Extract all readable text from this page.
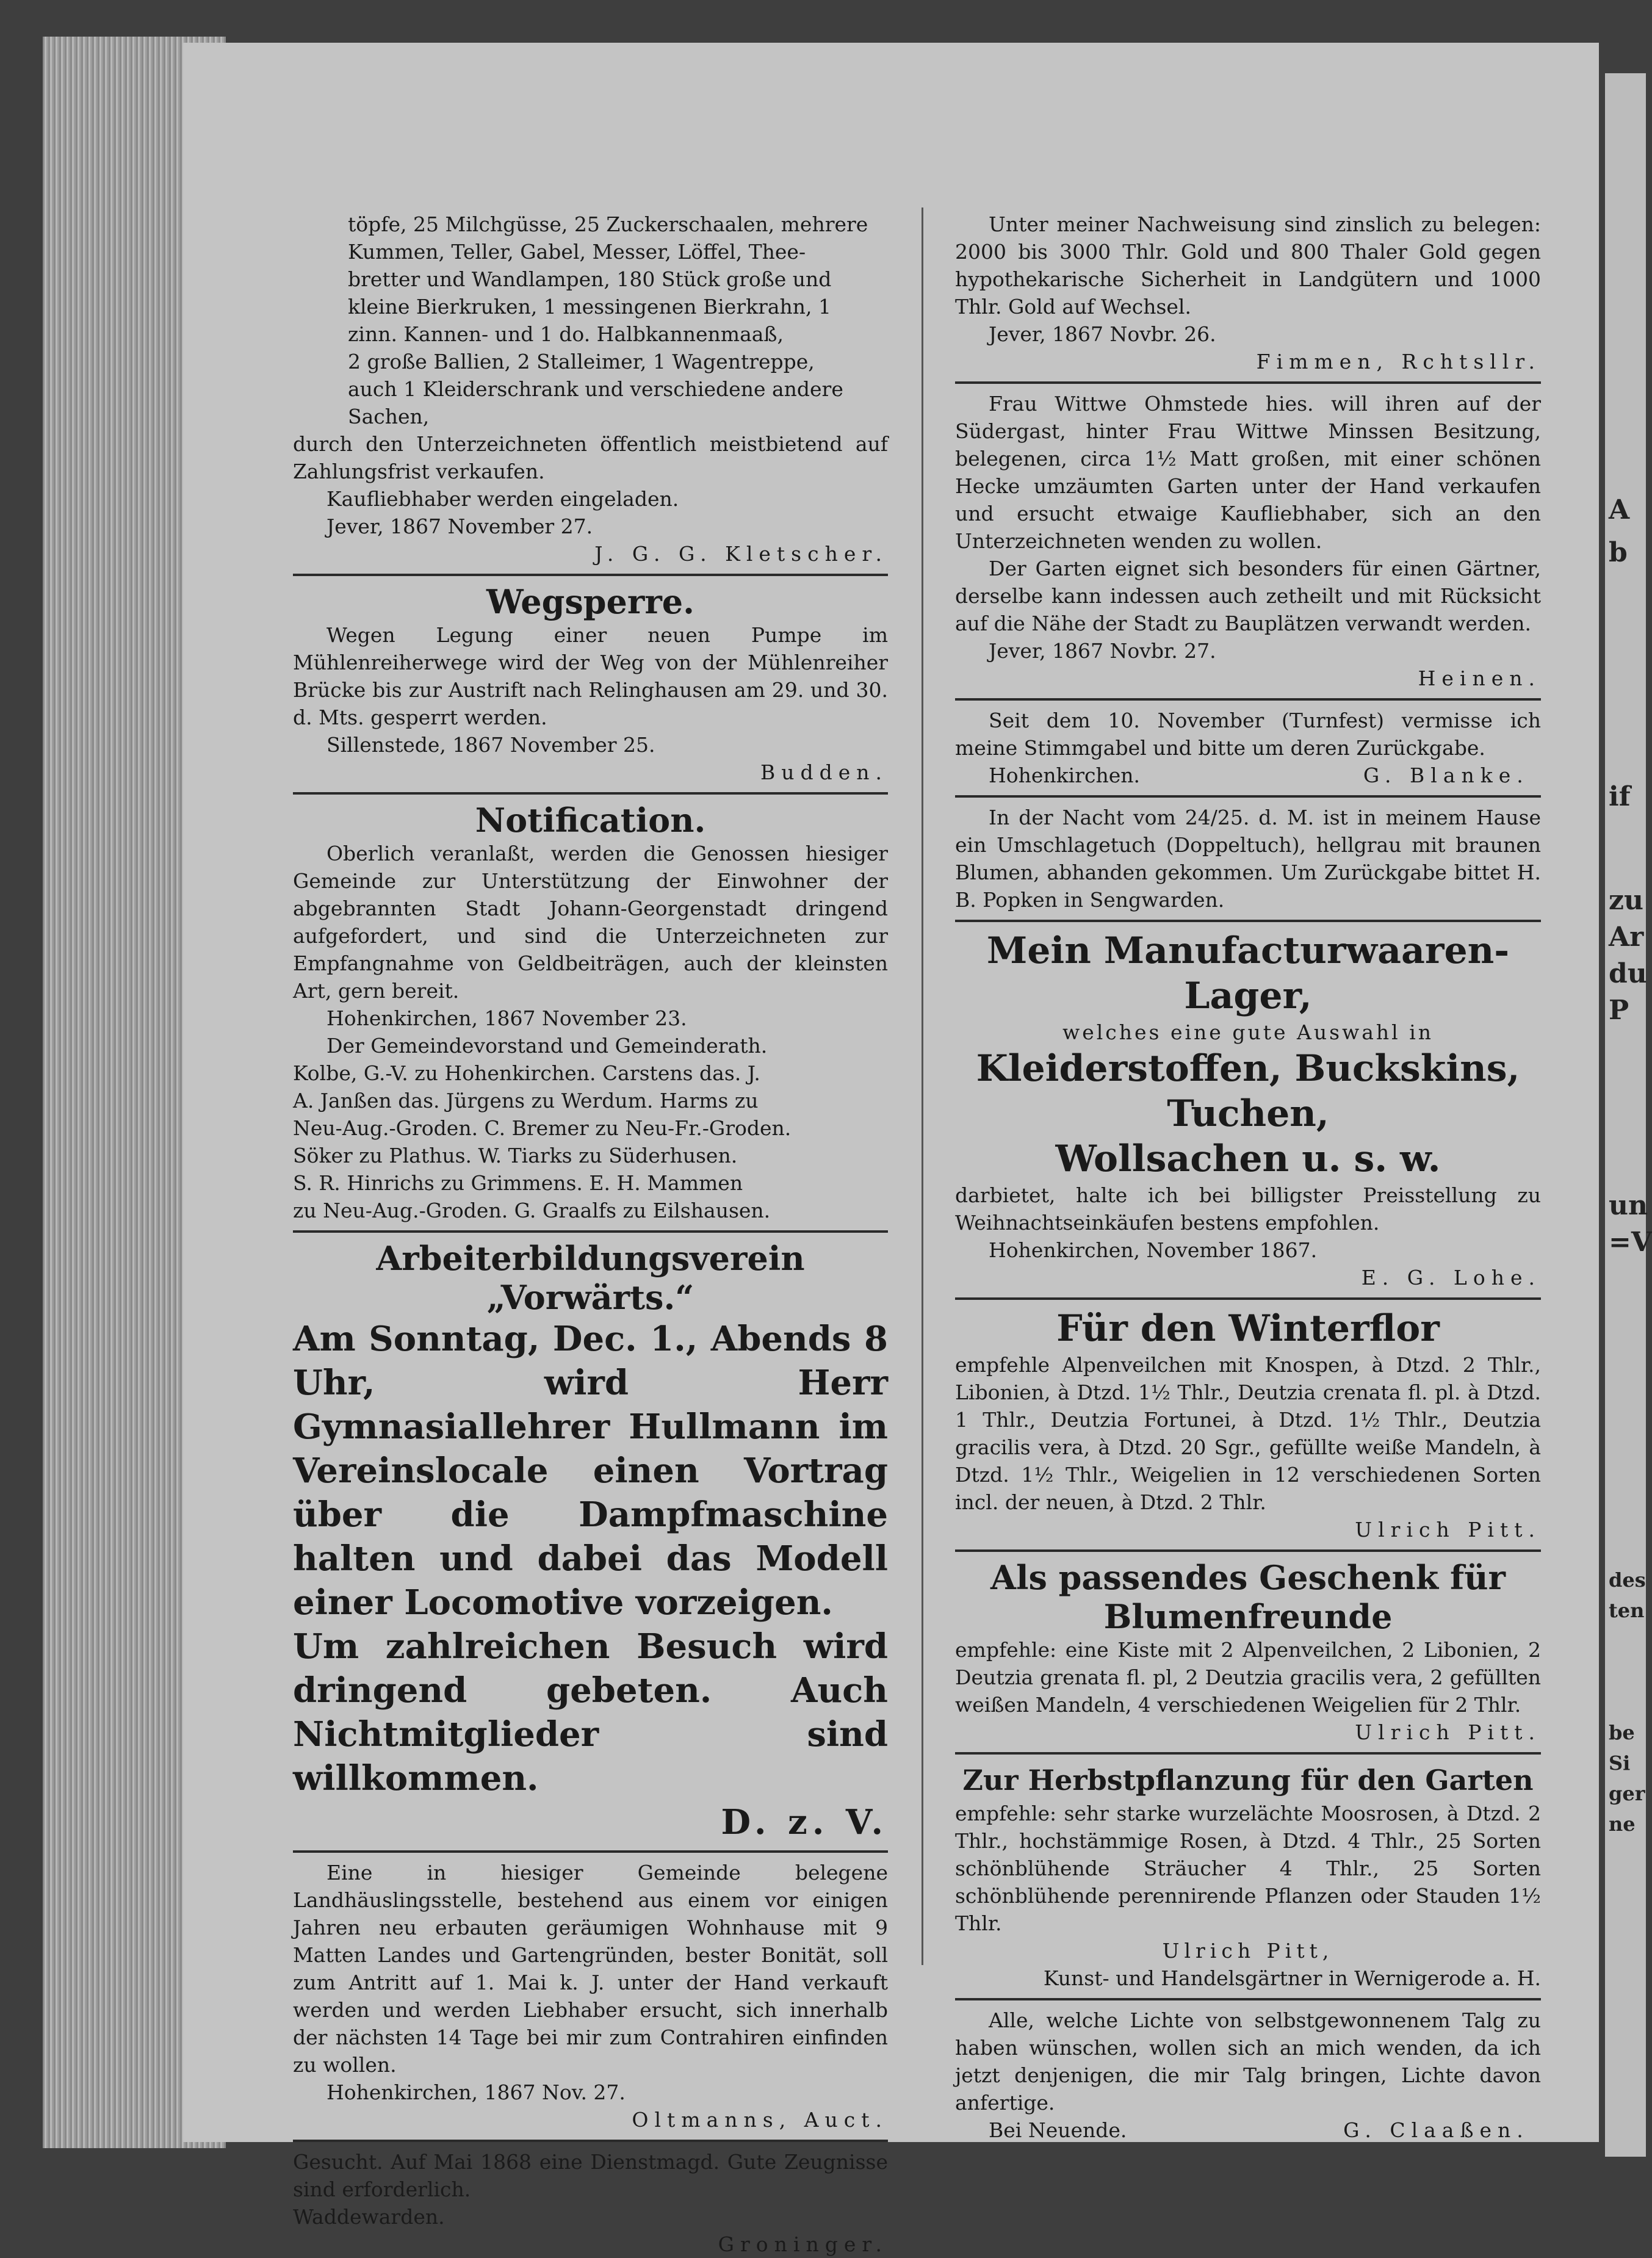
A
b
if
zu
Ar
du
P
un
=V
des
ten
be
Si
ger
ne

töpfe, 25 Milchgüsse, 25 Zuckerschaalen, mehrere

Kummen, Teller, Gabel, Messer, Löffel, Thee-

bretter und Wandlampen, 180 Stück große und

kleine Bierkruken, 1 messingenen Bierkrahn, 1

zinn. Kannen- und 1 do. Halbkannenmaaß,

2 große Ballien, 2 Stalleimer, 1 Wagentreppe,

auch 1 Kleiderschrank und verschiedene andere

Sachen,

durch den Unterzeichneten öffentlich meistbietend auf Zahlungsfrist verkaufen.

Kaufliebhaber werden eingeladen.

Jever, 1867 November 27.

J. G. G. Kletscher.

Wegsperre.

Wegen Legung einer neuen Pumpe im Mühlenreiherwege wird der Weg von der Mühlenreiher Brücke bis zur Austrift nach Relinghausen am 29. und 30. d. Mts. gesperrt werden.

Sillenstede, 1867 November 25.

Budden.

Notification.

Oberlich veranlaßt, werden die Genossen hiesiger Gemeinde zur Unterstützung der Einwohner der abgebrannten Stadt Johann-Georgenstadt dringend aufgefordert, und sind die Unterzeichneten zur Empfangnahme von Geldbeiträgen, auch der kleinsten Art, gern bereit.

Hohenkirchen, 1867 November 23.

Der Gemeindevorstand und Gemeinderath.

Kolbe, G.-V. zu Hohenkirchen. Carstens das. J.

A. Janßen das. Jürgens zu Werdum. Harms zu

Neu-Aug.-Groden. C. Bremer zu Neu-Fr.-Groden.

Söker zu Plathus. W. Tiarks zu Süderhusen.

S. R. Hinrichs zu Grimmens. E. H. Mammen

zu Neu-Aug.-Groden. G. Graalfs zu Eilshausen.

Arbeiterbildungsverein
„Vorwärts.“

Am Sonntag, Dec. 1., Abends 8 Uhr, wird Herr Gymnasiallehrer Hullmann im Vereinslocale einen Vortrag über die Dampfmaschine halten und dabei das Modell einer Locomotive vorzeigen.

Um zahlreichen Besuch wird dringend gebeten. Auch Nichtmitglieder sind willkommen.

D. z. V.

Eine in hiesiger Gemeinde belegene Landhäuslingsstelle, bestehend aus einem vor einigen Jahren neu erbauten geräumigen Wohnhause mit 9 Matten Landes und Gartengründen, bester Bonität, soll zum Antritt auf 1. Mai k. J. unter der Hand verkauft werden und werden Liebhaber ersucht, sich innerhalb der nächsten 14 Tage bei mir zum Contrahiren einfinden zu wollen.

Hohenkirchen, 1867 Nov. 27.

Oltmanns, Auct.

Gesucht. Auf Mai 1868 eine Dienstmagd. Gute Zeugnisse sind erforderlich.

Waddewarden.

Groninger.

Unter meiner Nachweisung sind zinslich zu belegen: 2000 bis 3000 Thlr. Gold und 800 Thaler Gold gegen hypothekarische Sicherheit in Landgütern und 1000 Thlr. Gold auf Wechsel.

Jever, 1867 Novbr. 26.

Fimmen, Rchtsllr.

Frau Wittwe Ohmstede hies. will ihren auf der Südergast, hinter Frau Wittwe Minssen Besitzung, belegenen, circa 1½ Matt großen, mit einer schönen Hecke umzäumten Garten unter der Hand verkaufen und ersucht etwaige Kaufliebhaber, sich an den Unterzeichneten wenden zu wollen.

Der Garten eignet sich besonders für einen Gärtner, derselbe kann indessen auch zetheilt und mit Rücksicht auf die Nähe der Stadt zu Bauplätzen verwandt werden.

Jever, 1867 Novbr. 27.

Heinen.

Seit dem 10. November (Turnfest) vermisse ich meine Stimmgabel und bitte um deren Zurückgabe.

Hohenkirchen.	G. Blanke.

In der Nacht vom 24/25. d. M. ist in meinem Hause ein Umschlagetuch (Doppeltuch), hellgrau mit braunen Blumen, abhanden gekommen. Um Zurückgabe bittet H. B. Popken in Sengwarden.

Mein Manufacturwaaren-Lager,

welches eine gute Auswahl in

Kleiderstoffen, Buckskins, Tuchen,
Wollsachen u. s. w.

darbietet, halte ich bei billigster Preisstellung zu Weihnachtseinkäufen bestens empfohlen.

Hohenkirchen, November 1867.

E. G. Lohe.

Für den Winterflor

empfehle Alpenveilchen mit Knospen, à Dtzd. 2 Thlr., Libonien, à Dtzd. 1½ Thlr., Deutzia crenata fl. pl. à Dtzd. 1 Thlr., Deutzia Fortunei, à Dtzd. 1½ Thlr., Deutzia gracilis vera, à Dtzd. 20 Sgr., gefüllte weiße Mandeln, à Dtzd. 1½ Thlr., Weigelien in 12 verschiedenen Sorten incl. der neuen, à Dtzd. 2 Thlr.

Ulrich Pitt.

Als passendes Geschenk für
Blumenfreunde

empfehle: eine Kiste mit 2 Alpenveilchen, 2 Libonien, 2 Deutzia grenata fl. pl, 2 Deutzia gracilis vera, 2 gefüllten weißen Mandeln, 4 verschiedenen Weigelien für 2 Thlr.

Ulrich Pitt.

Zur Herbstpflanzung für den Garten

empfehle: sehr starke wurzelächte Moosrosen, à Dtzd. 2 Thlr., hochstämmige Rosen, à Dtzd. 4 Thlr., 25 Sorten schönblühende Sträucher 4 Thlr., 25 Sorten schönblühende perennirende Pflanzen oder Stauden 1½ Thlr.

Ulrich Pitt,

Kunst- und Handelsgärtner in Wernigerode a. H.

Alle, welche Lichte von selbstgewonnenem Talg zu haben wünschen, wollen sich an mich wenden, da ich jetzt denjenigen, die mir Talg bringen, Lichte davon anfertige.

Bei Neuende.	G. Claaßen.
